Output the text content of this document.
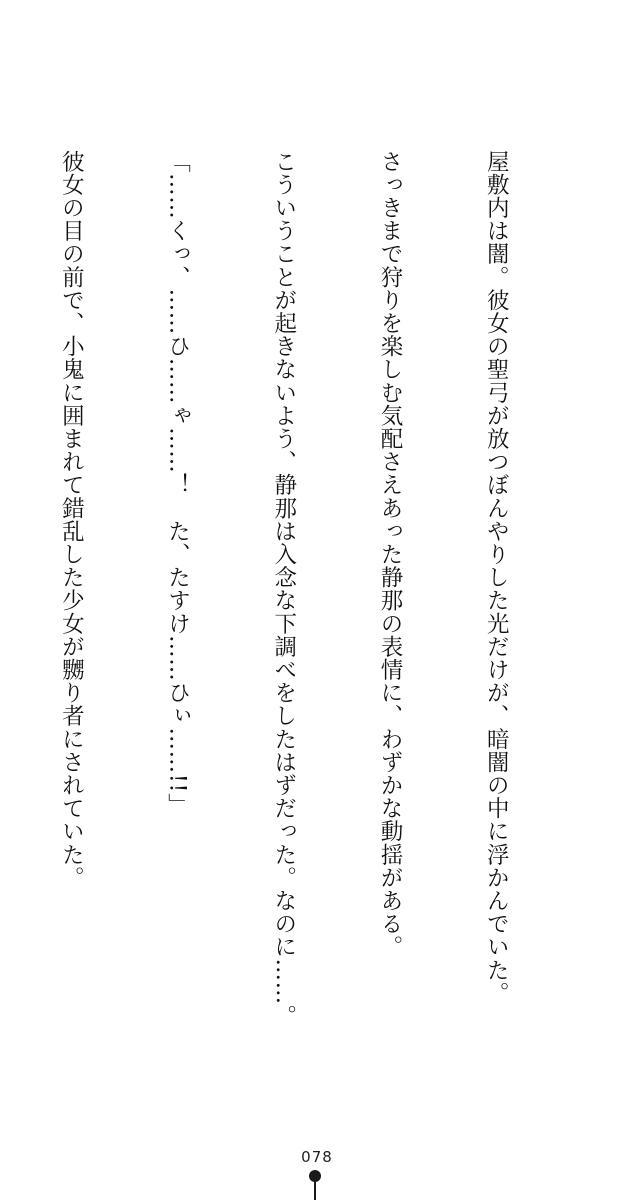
屋敷内は闇。彼女の聖弓が放つぼんやりした光だけが、暗闇の中に浮かんでいた。

さっきまで狩りを楽しむ気配さえあった静那の表情に、わずかな動揺がある。

こういうことが起きないよう、静那は入念な下調べをしたはずだった。なのに……。

「……くっ、……ひ……ゃ……！　た、たすけ……ひぃ……!!」

彼女の目の前で、小鬼に囲まれて錯乱した少女が嬲り者にされていた。

078
